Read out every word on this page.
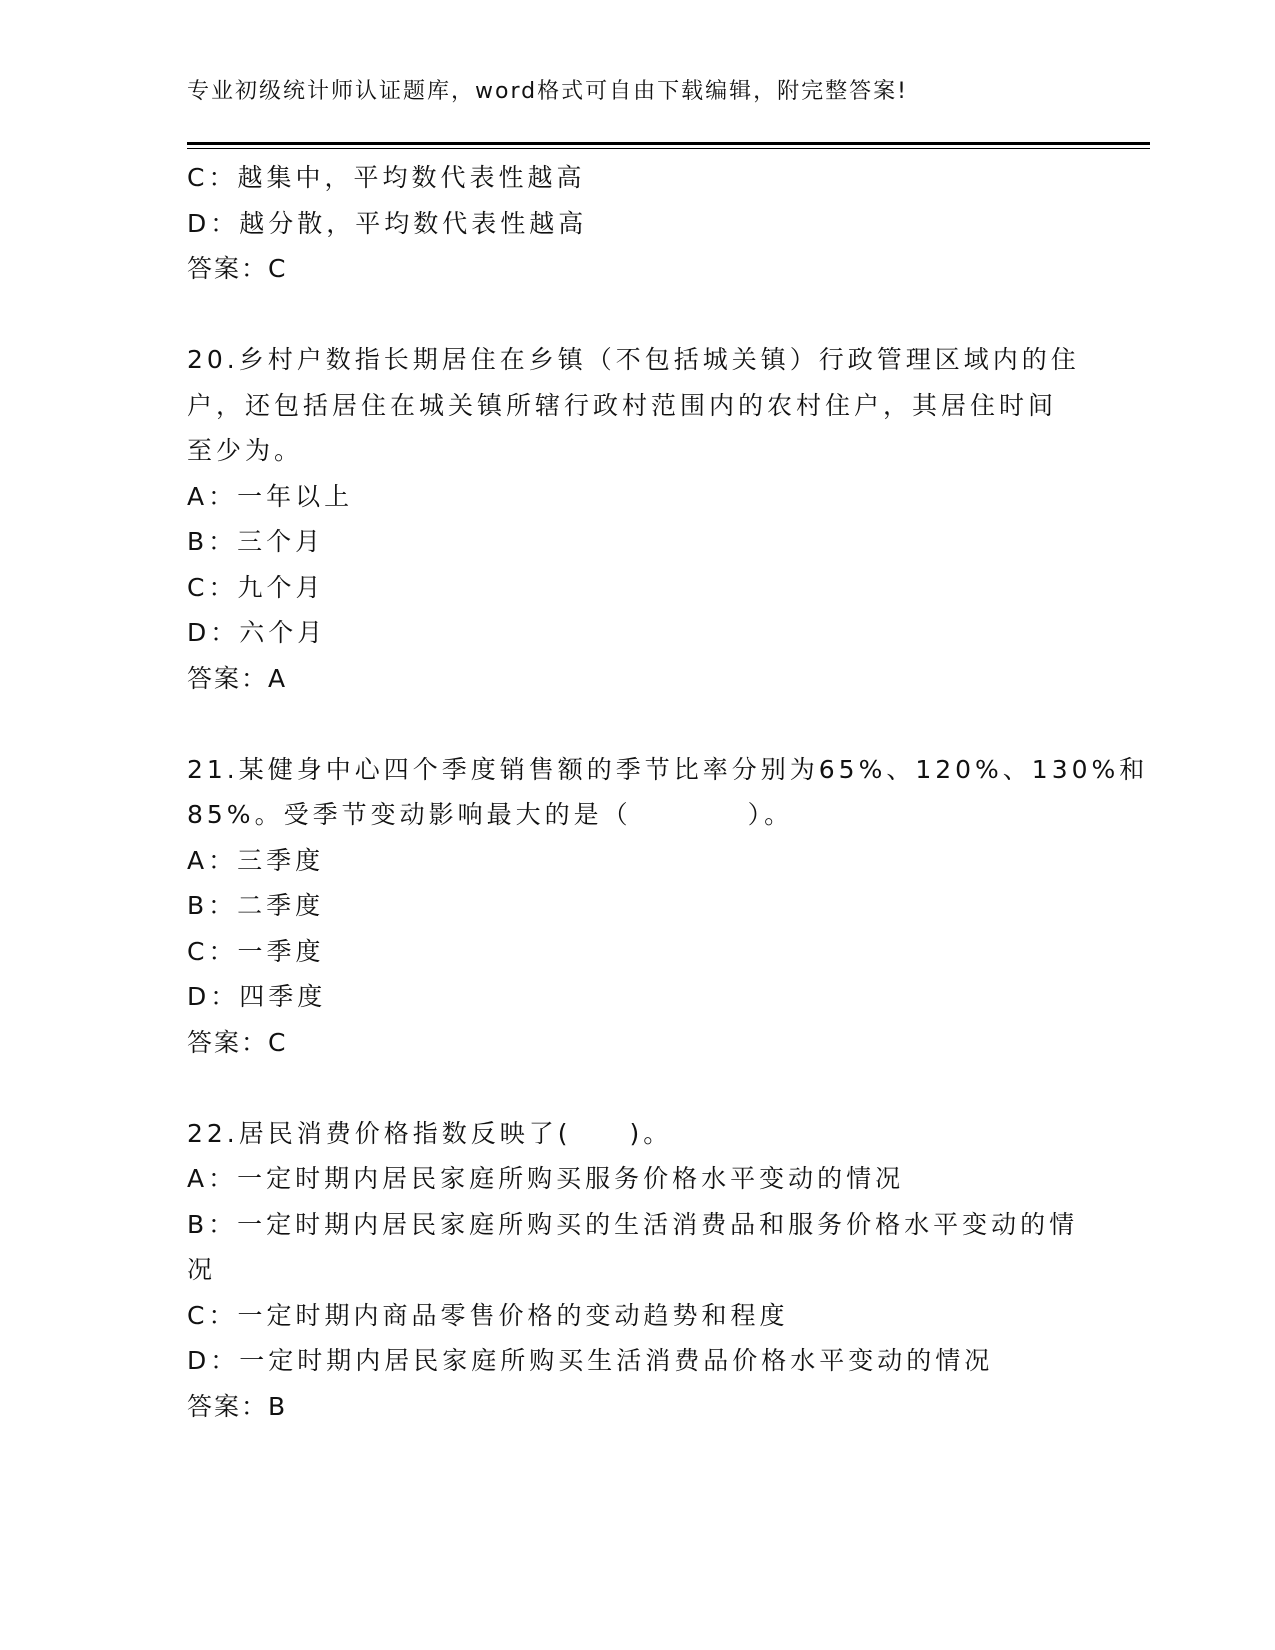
专业初级统计师认证题库，word格式可自由下载编辑，附完整答案!
C：越集中，平均数代表性越高
D：越分散，平均数代表性越高
答案：C
20.乡村户数指长期居住在乡镇（不包括城关镇）行政管理区域内的住
户，还包括居住在城关镇所辖行政村范围内的农村住户，其居住时间
至少为。
A：一年以上
B：三个月
C：九个月
D：六个月
答案：A
21.某健身中心四个季度销售额的季节比率分别为65%、120%、130%和
85%。受季节变动影响最大的是（　　　　）。
A：三季度
B：二季度
C：一季度
D：四季度
答案：C
22.居民消费价格指数反映了(　　)。
A：一定时期内居民家庭所购买服务价格水平变动的情况
B：一定时期内居民家庭所购买的生活消费品和服务价格水平变动的情
况
C：一定时期内商品零售价格的变动趋势和程度
D：一定时期内居民家庭所购买生活消费品价格水平变动的情况
答案：B
